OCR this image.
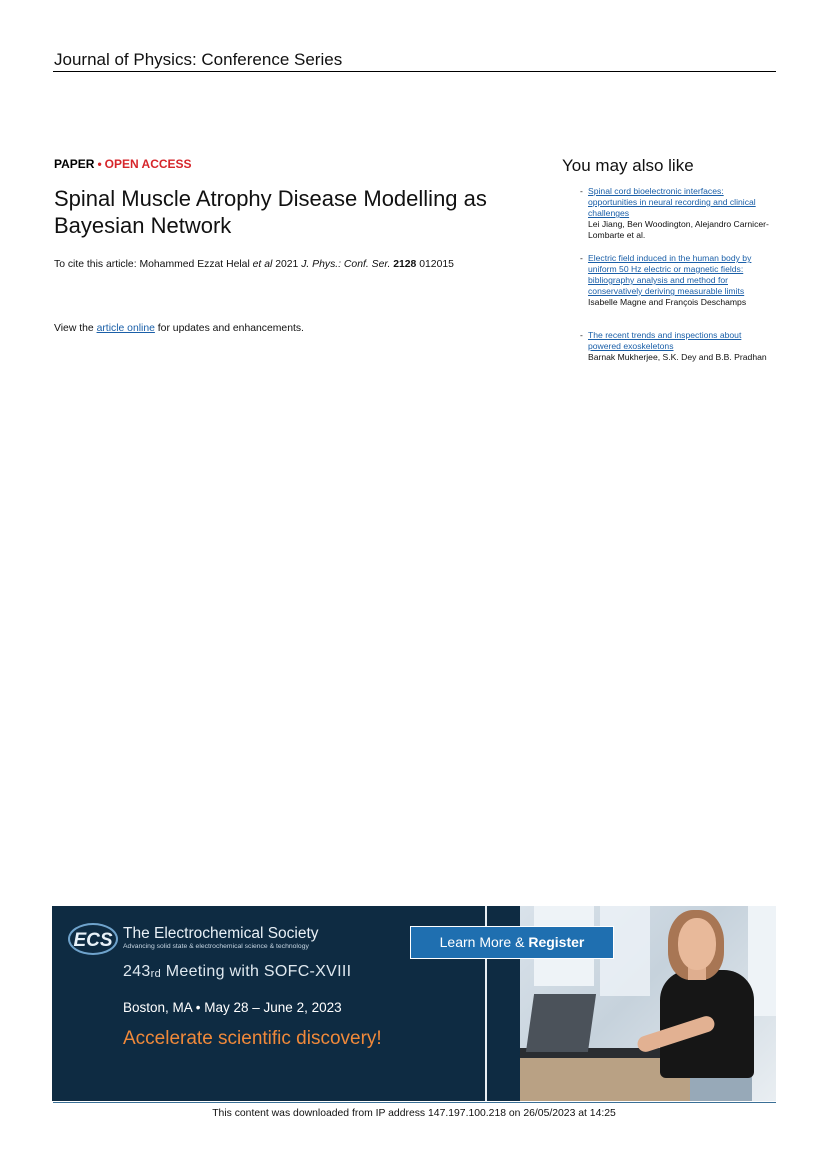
Journal of Physics: Conference Series
PAPER • OPEN ACCESS
Spinal Muscle Atrophy Disease Modelling as Bayesian Network
To cite this article: Mohammed Ezzat Helal et al 2021 J. Phys.: Conf. Ser. 2128 012015
View the article online for updates and enhancements.
You may also like
- Spinal cord bioelectronic interfaces: opportunities in neural recording and clinical challenges
Lei Jiang, Ben Woodington, Alejandro Carnicer-Lombarte et al.
- Electric field induced in the human body by uniform 50 Hz electric or magnetic fields: bibliography analysis and method for conservatively deriving measurable limits
Isabelle Magne and François Deschamps
- The recent trends and inspections about powered exoskeletons
Barnak Mukherjee, S.K. Dey and B.B. Pradhan
ECS The Electrochemical Society
Advancing solid state & electrochemical science & technology
$243_{rd}$ Meeting with SOFC-XVIII
Boston, MA • May 28 – June 2, 2023
Accelerate scientific discovery!
Learn More & Register
This content was downloaded from IP address 147.197.100.218 on 26/05/2023 at 14:25
